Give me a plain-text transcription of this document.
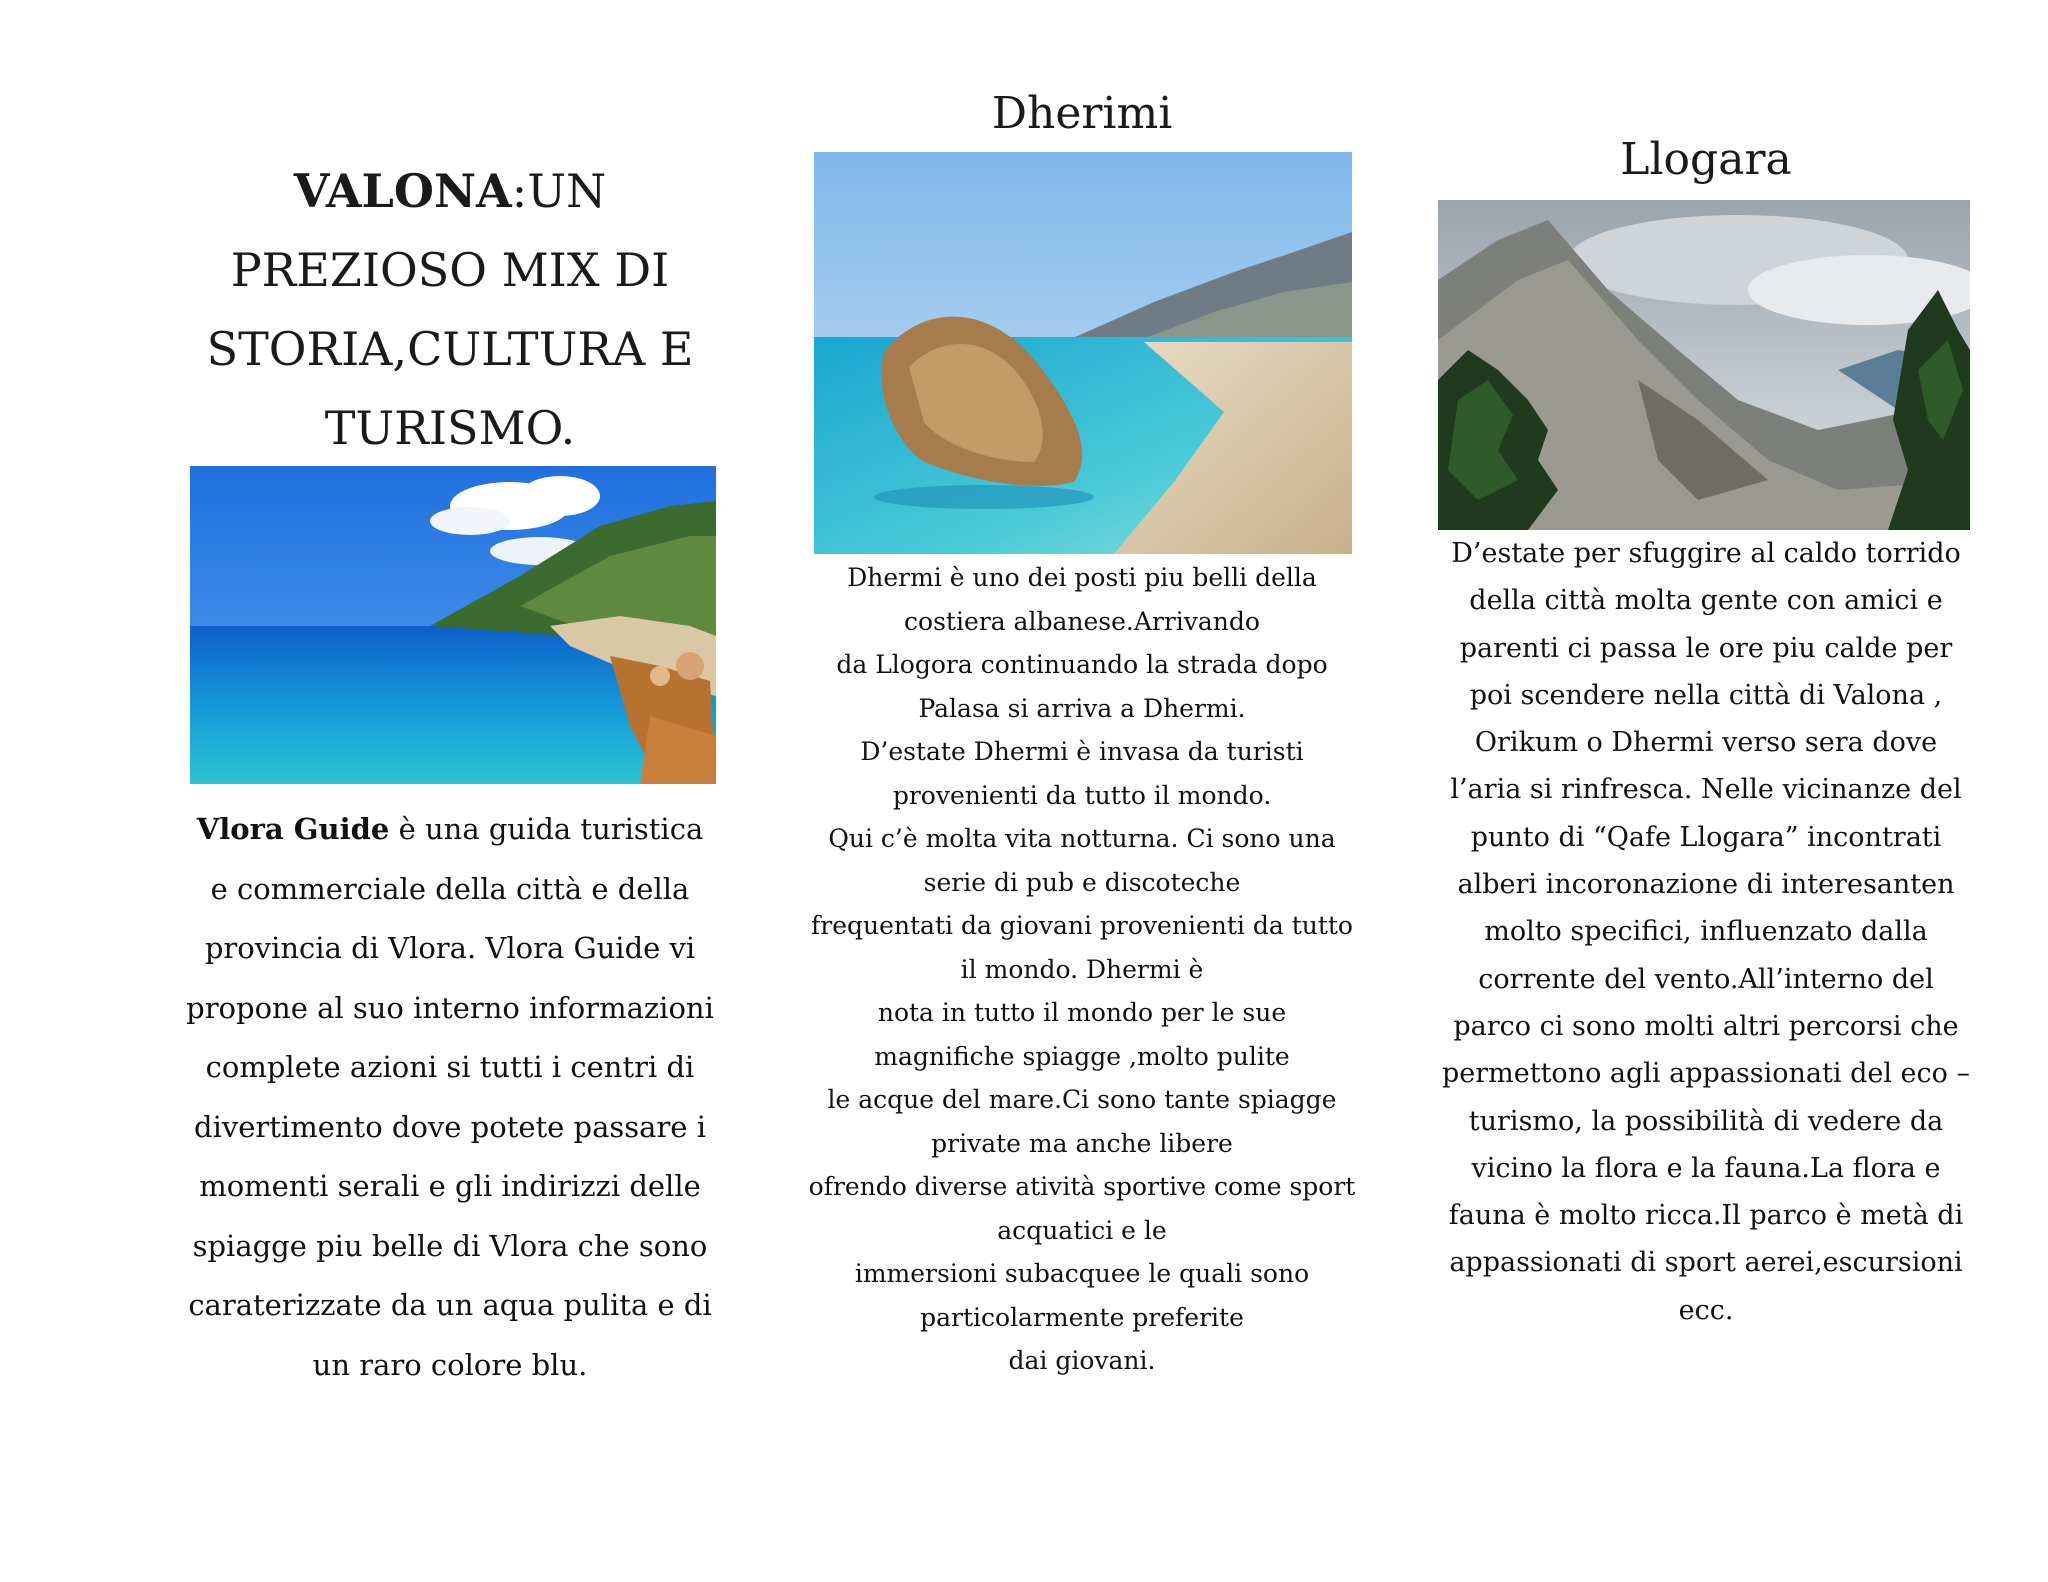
VALONA:UN PREZIOSO MIX DI STORIA,CULTURA E TURISMO.

Vlora Guide è una guida turistica e commerciale della città e della provincia di Vlora. Vlora Guide vi propone al suo interno informazioni complete azioni si tutti i centri di divertimento dove potete passare i momenti serali e gli indirizzi delle spiagge piu belle di Vlora che sono caraterizzate da un aqua pulita e di un raro colore blu.

Dherimi

Dhermi è uno dei posti piu belli della costiera albanese.Arrivando
da Llogora continuando la strada dopo Palasa si arriva a Dhermi.
D’estate Dhermi è invasa da turisti provenienti da tutto il mondo.
Qui c’è molta vita notturna. Ci sono una serie di pub e discoteche
frequentati da giovani provenienti da tutto il mondo. Dhermi è
nota in tutto il mondo per le sue magnifiche spiagge ,molto pulite
le acque del mare.Ci sono tante spiagge private ma anche libere
ofrendo diverse atività sportive come sport acquatici e le
immersioni subacquee le quali sono particolarmente preferite
dai giovani.

Llogara

D’estate per sfuggire al caldo torrido della città molta gente con amici e parenti ci passa le ore piu calde per poi scendere nella città di Valona , Orikum o Dhermi verso sera dove l’aria si rinfresca. Nelle vicinanze del punto di “Qafe Llogara” incontrati alberi incoronazione di interesanten molto specifici, influenzato dalla corrente del vento.All’interno del parco ci sono molti altri percorsi che permettono agli appassionati del eco – turismo, la possibilità di vedere da vicino la flora e la fauna.La flora e fauna è molto ricca.Il parco è metà di appassionati di sport aerei,escursioni ecc.
